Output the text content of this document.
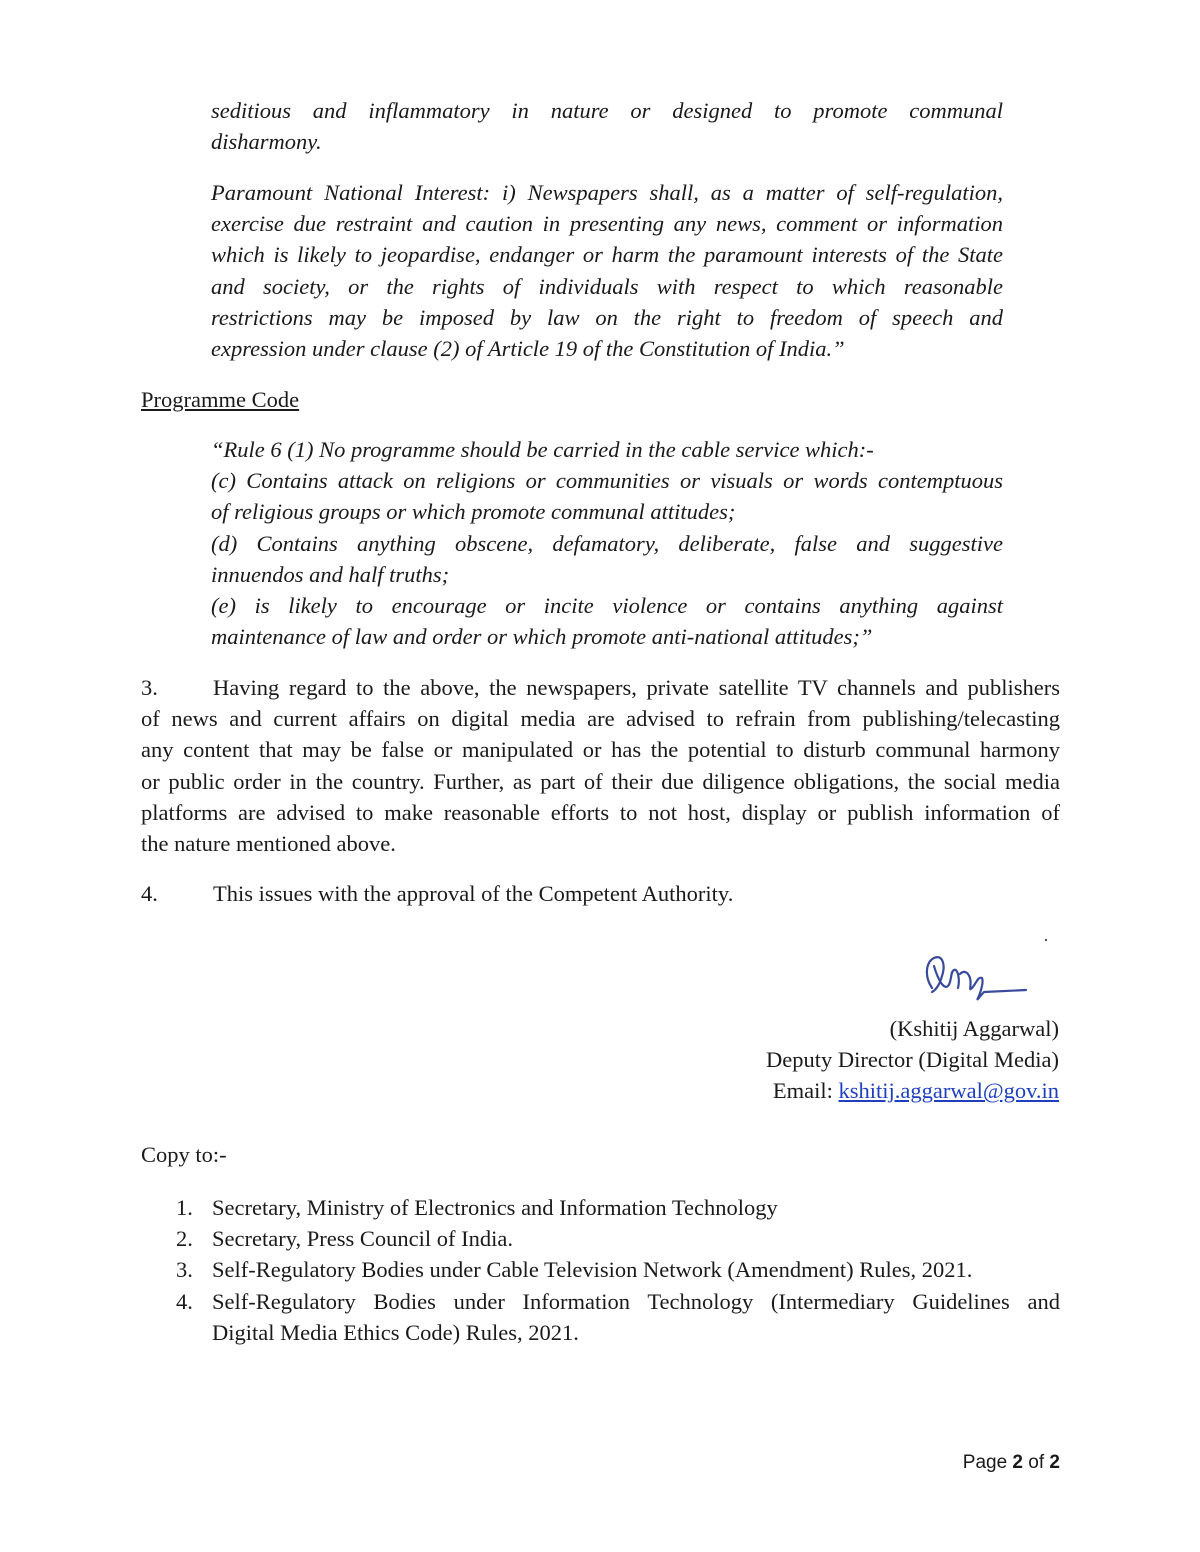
seditious and inflammatory in nature or designed to promote communal
disharmony.
Paramount National Interest: i) Newspapers shall, as a matter of self-regulation,
exercise due restraint and caution in presenting any news, comment or information
which is likely to jeopardise, endanger or harm the paramount interests of the State
and society, or the rights of individuals with respect to which reasonable
restrictions may be imposed by law on the right to freedom of speech and
expression under clause (2) of Article 19 of the Constitution of India.”
Programme Code
“Rule 6 (1) No programme should be carried in the cable service which:-
(c) Contains attack on religions or communities or visuals or words contemptuous
of religious groups or which promote communal attitudes;
(d) Contains anything obscene, defamatory, deliberate, false and suggestive
innuendos and half truths;
(e) is likely to encourage or incite violence or contains anything against
maintenance of law and order or which promote anti-national attitudes;”
3. Having regard to the above, the newspapers, private satellite TV channels and publishers
of news and current affairs on digital media are advised to refrain from publishing/telecasting
any content that may be false or manipulated or has the potential to disturb communal harmony
or public order in the country. Further, as part of their due diligence obligations, the social media
platforms are advised to make reasonable efforts to not host, display or publish information of
the nature mentioned above.
4. This issues with the approval of the Competent Authority.
(Kshitij Aggarwal)
Deputy Director (Digital Media)
Email: kshitij.aggarwal@gov.in
Copy to:-
1. Secretary, Ministry of Electronics and Information Technology
2. Secretary, Press Council of India.
3. Self-Regulatory Bodies under Cable Television Network (Amendment) Rules, 2021.
4. Self-Regulatory Bodies under Information Technology (Intermediary Guidelines and
Digital Media Ethics Code) Rules, 2021.
Page 2 of 2
